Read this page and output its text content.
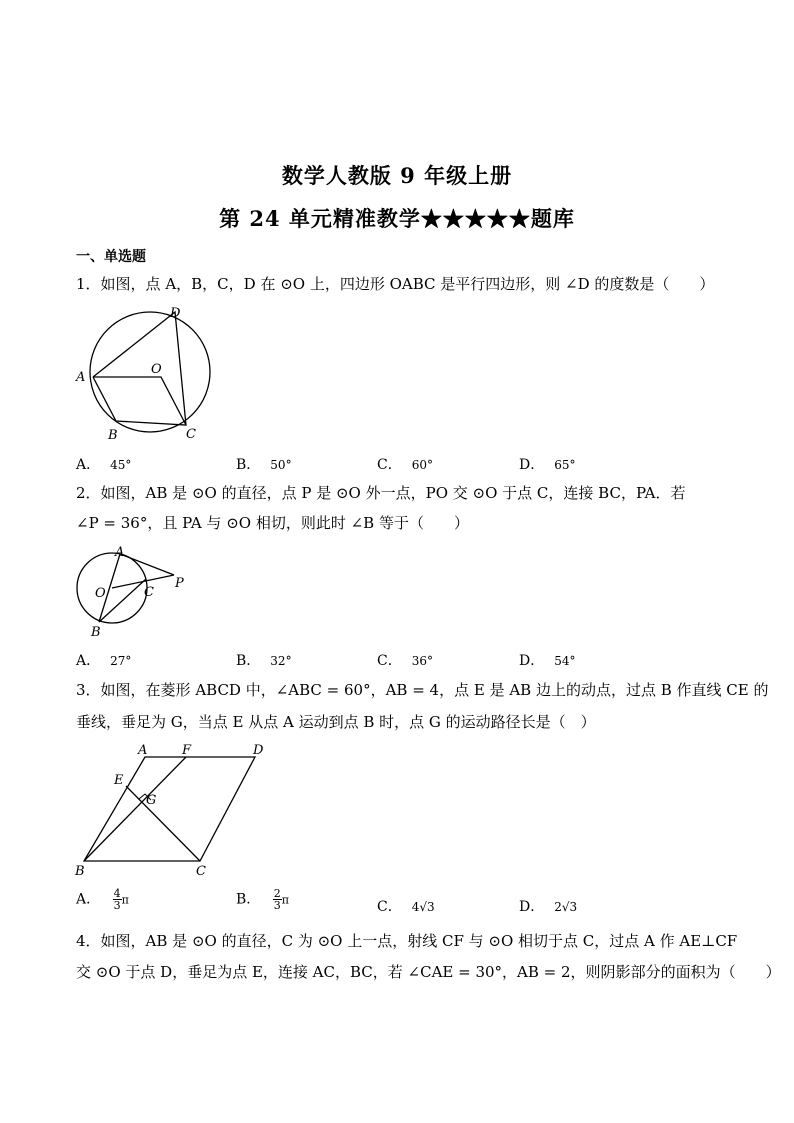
数学人教版 9 年级上册
第 24 单元精准教学★★★★★题库
一、单选题
1．如图，点 A，B，C，D 在 ⊙O 上，四边形 OABC 是平行四边形，则 ∠D 的度数是（　　）
A
B	C
D
O
A． 45°	B． 50°	C． 60°	D． 65°
2．如图，AB 是 ⊙O 的直径，点 P 是 ⊙O 外一点，PO 交 ⊙O 于点 C，连接 BC，PA．若
∠P = 36°，且 PA 与 ⊙O 相切，则此时 ∠B 等于（　　）
A
B
C
O
P
A． 27°	B． 32°	C． 36°	D． 54°
3．如图，在菱形 ABCD 中，∠ABC = 60°，AB = 4，点 E 是 AB 边上的动点，过点 B 作直线 CE 的
垂线，垂足为 G，当点 E 从点 A 运动到点 B 时，点 G 的运动路径长是（　）
A
B	C
D
E
F
G
A． $\frac{4}{3}$ π	B． $\frac{2}{3}$ π	C． 4√3	D． 2√3
4．如图，AB 是 ⊙O 的直径，C 为 ⊙O 上一点，射线 CF 与 ⊙O 相切于点 C，过点 A 作 AE⊥CF
交 ⊙O 于点 D，垂足为点 E，连接 AC，BC，若 ∠CAE = 30°，AB = 2，则阴影部分的面积为（　　）
